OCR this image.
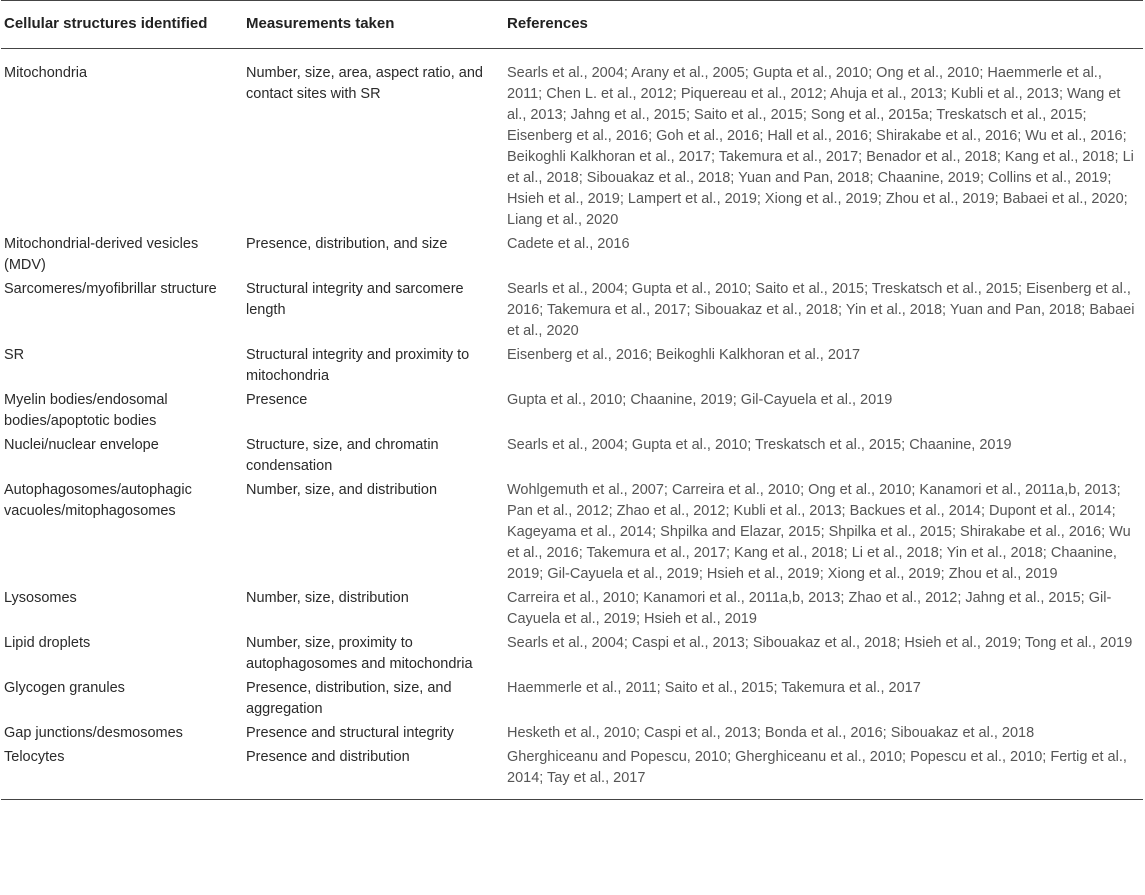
Cellular structures identified	Measurements taken	References
Mitochondria	Number, size, area, aspect ratio, and contact sites with SR	Searls et al., 2004; Arany et al., 2005; Gupta et al., 2010; Ong et al., 2010; Haemmerle et al., 2011; Chen L. et al., 2012; Piquereau et al., 2012; Ahuja et al., 2013; Kubli et al., 2013; Wang et al., 2013; Jahng et al., 2015; Saito et al., 2015; Song et al., 2015a; Treskatsch et al., 2015; Eisenberg et al., 2016; Goh et al., 2016; Hall et al., 2016; Shirakabe et al., 2016; Wu et al., 2016; Beikoghli Kalkhoran et al., 2017; Takemura et al., 2017; Benador et al., 2018; Kang et al., 2018; Li et al., 2018; Sibouakaz et al., 2018; Yuan and Pan, 2018; Chaanine, 2019; Collins et al., 2019; Hsieh et al., 2019; Lampert et al., 2019; Xiong et al., 2019; Zhou et al., 2019; Babaei et al., 2020; Liang et al., 2020
Mitochondrial-derived vesicles (MDV)	Presence, distribution, and size	Cadete et al., 2016
Sarcomeres/myofibrillar structure	Structural integrity and sarcomere length	Searls et al., 2004; Gupta et al., 2010; Saito et al., 2015; Treskatsch et al., 2015; Eisenberg et al., 2016; Takemura et al., 2017; Sibouakaz et al., 2018; Yin et al., 2018; Yuan and Pan, 2018; Babaei et al., 2020
SR	Structural integrity and proximity to mitochondria	Eisenberg et al., 2016; Beikoghli Kalkhoran et al., 2017
Myelin bodies/endosomal bodies/apoptotic bodies	Presence	Gupta et al., 2010; Chaanine, 2019; Gil-Cayuela et al., 2019
Nuclei/nuclear envelope	Structure, size, and chromatin condensation	Searls et al., 2004; Gupta et al., 2010; Treskatsch et al., 2015; Chaanine, 2019
Autophagosomes/autophagic vacuoles/mitophagosomes	Number, size, and distribution	Wohlgemuth et al., 2007; Carreira et al., 2010; Ong et al., 2010; Kanamori et al., 2011a,b, 2013; Pan et al., 2012; Zhao et al., 2012; Kubli et al., 2013; Backues et al., 2014; Dupont et al., 2014; Kageyama et al., 2014; Shpilka and Elazar, 2015; Shpilka et al., 2015; Shirakabe et al., 2016; Wu et al., 2016; Takemura et al., 2017; Kang et al., 2018; Li et al., 2018; Yin et al., 2018; Chaanine, 2019; Gil-Cayuela et al., 2019; Hsieh et al., 2019; Xiong et al., 2019; Zhou et al., 2019
Lysosomes	Number, size, distribution	Carreira et al., 2010; Kanamori et al., 2011a,b, 2013; Zhao et al., 2012; Jahng et al., 2015; Gil-Cayuela et al., 2019; Hsieh et al., 2019
Lipid droplets	Number, size, proximity to autophagosomes and mitochondria	Searls et al., 2004; Caspi et al., 2013; Sibouakaz et al., 2018; Hsieh et al., 2019; Tong et al., 2019
Glycogen granules	Presence, distribution, size, and aggregation	Haemmerle et al., 2011; Saito et al., 2015; Takemura et al., 2017
Gap junctions/desmosomes	Presence and structural integrity	Hesketh et al., 2010; Caspi et al., 2013; Bonda et al., 2016; Sibouakaz et al., 2018
Telocytes	Presence and distribution	Gherghiceanu and Popescu, 2010; Gherghiceanu et al., 2010; Popescu et al., 2010; Fertig et al., 2014; Tay et al., 2017
